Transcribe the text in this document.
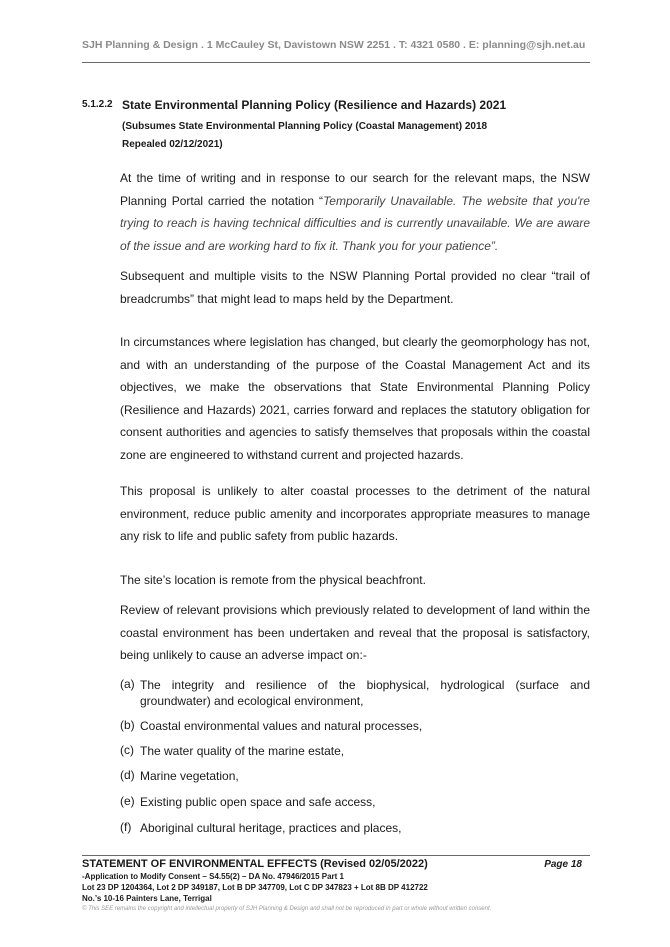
SJH Planning & Design . 1 McCauley St, Davistown NSW 2251 . T: 4321 0580 . E: planning@sjh.net.au
5.1.2.2 State Environmental Planning Policy (Resilience and Hazards) 2021
(Subsumes State Environmental Planning Policy (Coastal Management) 2018
Repealed 02/12/2021)

At the time of writing and in response to our search for the relevant maps, the NSW Planning Portal carried the notation “Temporarily Unavailable. The website that you're trying to reach is having technical difficulties and is currently unavailable. We are aware of the issue and are working hard to fix it. Thank you for your patience”.

Subsequent and multiple visits to the NSW Planning Portal provided no clear “trail of breadcrumbs” that might lead to maps held by the Department.

In circumstances where legislation has changed, but clearly the geomorphology has not, and with an understanding of the purpose of the Coastal Management Act and its objectives, we make the observations that State Environmental Planning Policy (Resilience and Hazards) 2021, carries forward and replaces the statutory obligation for consent authorities and agencies to satisfy themselves that proposals within the coastal zone are engineered to withstand current and projected hazards.

This proposal is unlikely to alter coastal processes to the detriment of the natural environment, reduce public amenity and incorporates appropriate measures to manage any risk to life and public safety from public hazards.

The site’s location is remote from the physical beachfront.

Review of relevant provisions which previously related to development of land within the coastal environment has been undertaken and reveal that the proposal is satisfactory, being unlikely to cause an adverse impact on:-

(a) The integrity and resilience of the biophysical, hydrological (surface and groundwater) and ecological environment,
(b) Coastal environmental values and natural processes,
(c) The water quality of the marine estate,
(d) Marine vegetation,
(e) Existing public open space and safe access,
(f) Aboriginal cultural heritage, practices and places,
STATEMENT OF ENVIRONMENTAL EFFECTS (Revised 02/05/2022)	Page 18
-Application to Modify Consent – S4.55(2) – DA No. 47946/2015 Part 1
Lot 23 DP 1204364, Lot 2 DP 349187, Lot B DP 347709, Lot C DP 347823 + Lot 8B DP 412722
No.’s 10-16 Painters Lane, Terrigal
© This SEE remains the copyright and intellectual property of SJH Planning & Design and shall not be reproduced in part or whole without written consent.
